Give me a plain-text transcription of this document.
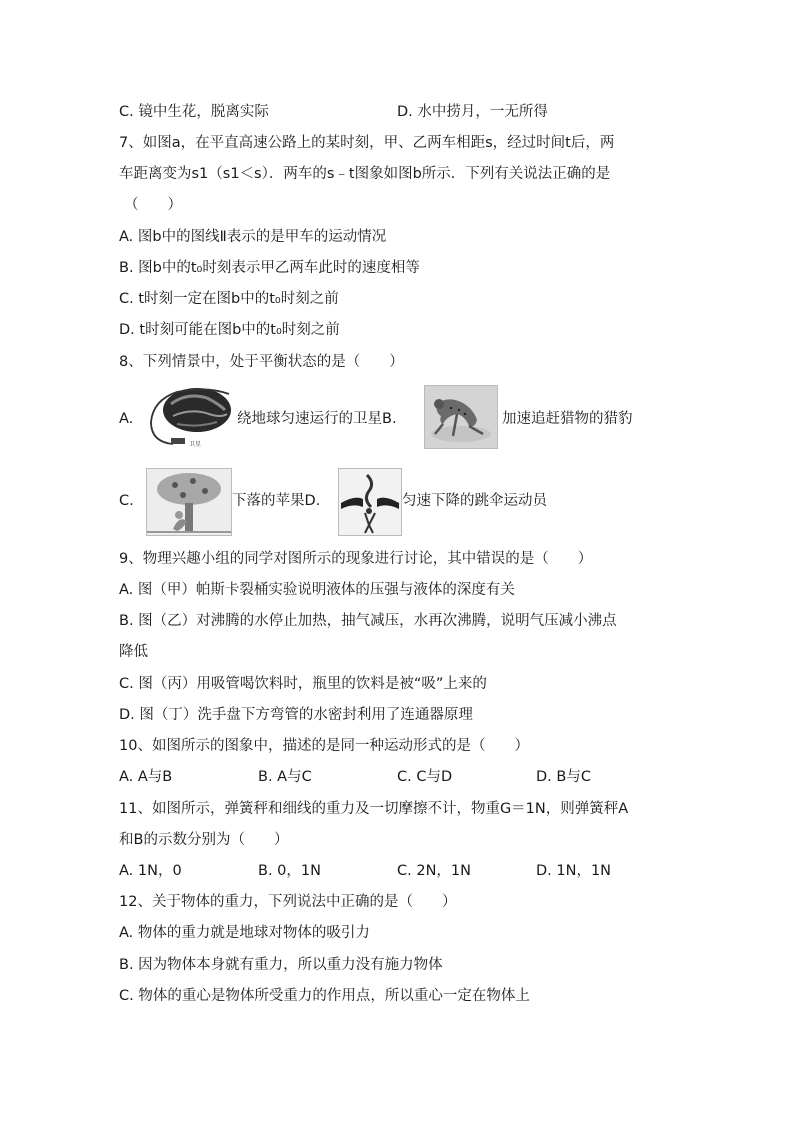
C. 镜中生花，脱离实际	D. 水中捞月，一无所得
7、如图a，在平直高速公路上的某时刻，甲、乙两车相距s，经过时间t后，两
车距离变为s1（s1＜s）．两车的s﹣t图象如图b所示．下列有关说法正确的是
（　　）
A. 图b中的图线Ⅱ表示的是甲车的运动情况
B. 图b中的t₀时刻表示甲乙两车此时的速度相等
C. t时刻一定在图b中的t₀时刻之前
D. t时刻可能在图b中的t₀时刻之前
8、下列情景中，处于平衡状态的是（　　）
A.
卫星
绕地球匀速运行的卫星B.	加速追赶猎物的猎豹
C.	下落的苹果D.	匀速下降的跳伞运动员
9、物理兴趣小组的同学对图所示的现象进行讨论，其中错误的是（　　）
A. 图（甲）帕斯卡裂桶实验说明液体的压强与液体的深度有关
B. 图（乙）对沸腾的水停止加热，抽气减压，水再次沸腾，说明气压减小沸点
降低
C. 图（丙）用吸管喝饮料时，瓶里的饮料是被“吸”上来的
D. 图（丁）洗手盘下方弯管的水密封利用了连通器原理
10、如图所示的图象中，描述的是同一种运动形式的是（　　）
A. A与B	B. A与C	C. C与D	D. B与C
11、如图所示，弹簧秤和细线的重力及一切摩擦不计，物重G＝1N，则弹簧秤A
和B的示数分别为（　　）
A. 1N，0	B. 0，1N	C. 2N，1N	D. 1N，1N
12、关于物体的重力，下列说法中正确的是（　　）
A. 物体的重力就是地球对物体的吸引力
B. 因为物体本身就有重力，所以重力没有施力物体
C. 物体的重心是物体所受重力的作用点，所以重心一定在物体上
